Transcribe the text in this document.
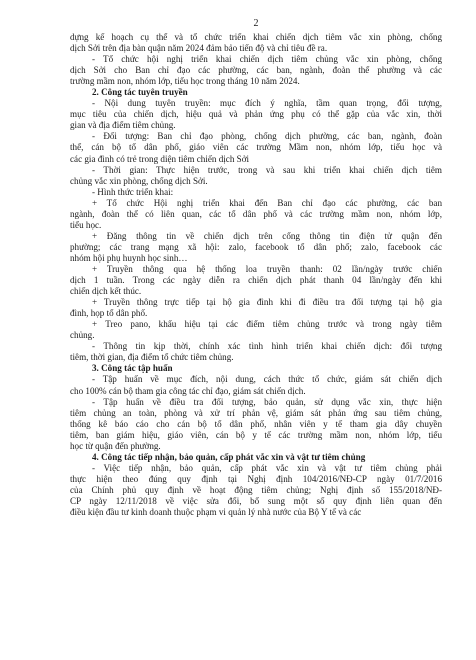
2
dựng kế hoạch cụ thể và tổ chức triển khai chiến dịch tiêm vắc xin phòng, chống
dịch Sởi trên địa bàn quận năm 2024 đảm bảo tiến độ và chỉ tiêu đề ra.
- Tổ chức hội nghị triển khai chiến dịch tiêm chủng vắc xin phòng, chống
dịch Sởi cho Ban chỉ đạo các phường, các ban, ngành, đoàn thể phường và các
trường mầm non, nhóm lớp, tiểu học trong tháng 10 năm 2024.
2. Công tác tuyên truyền
- Nội dung tuyên truyền: mục đích ý nghĩa, tầm quan trọng, đối tượng,
mục tiêu của chiến dịch, hiệu quả và phản ứng phụ có thể gặp của vắc xin, thời
gian và địa điểm tiêm chủng.
- Đối tượng: Ban chỉ đạo phòng, chống dịch phường, các ban, ngành, đoàn
thể, cán bộ tổ dân phố, giáo viên các trường Mầm non, nhóm lớp, tiểu học và
các gia đình có trẻ trong diện tiêm chiến dịch Sởi
- Thời gian: Thực hiện trước, trong và sau khi triển khai chiến dịch tiêm
chủng vắc xin phòng, chống dịch Sởi.
- Hình thức triển khai:
+ Tổ chức Hội nghị triển khai đến Ban chỉ đạo các phường, các ban
ngành, đoàn thể có liên quan, các tổ dân phố và các trường mầm non, nhóm lớp,
tiểu học.
+ Đăng thông tin về chiến dịch trên cổng thông tin điện tử quận đến
phường; các trang mạng xã hội: zalo, facebook tổ dân phố; zalo, facebook các
nhóm hội phụ huynh học sinh…
+ Truyền thông qua hệ thống loa truyền thanh: 02 lần/ngày trước chiến
dịch 1 tuần. Trong các ngày diễn ra chiến dịch phát thanh 04 lần/ngày đến khi
chiến dịch kết thúc.
+ Truyền thông trực tiếp tại hộ gia đình khi đi điều tra đối tượng tại hộ gia
đình, họp tổ dân phố.
+ Treo pano, khẩu hiệu tại các điểm tiêm chủng trước và trong ngày tiêm
chủng.
- Thông tin kịp thời, chính xác tình hình triển khai chiến dịch: đối tượng
tiêm, thời gian, địa điểm tổ chức tiêm chủng.
3. Công tác tập huấn
- Tập huấn về mục đích, nội dung, cách thức tổ chức, giám sát chiến dịch
cho 100% cán bộ tham gia công tác chỉ đạo, giám sát chiến dịch.
- Tập huấn về điều tra đối tượng, bảo quản, sử dụng vắc xin, thực hiện
tiêm chủng an toàn, phòng và xử trí phản vệ, giám sát phản ứng sau tiêm chủng,
thống kê báo cáo cho cán bộ tổ dân phố, nhân viên y tế tham gia dây chuyền
tiêm, ban giám hiệu, giáo viên, cán bộ y tế các trường mầm non, nhóm lớp, tiểu
học từ quận đến phường.
4. Công tác tiếp nhận, bảo quản, cấp phát vắc xin và vật tư tiêm chủng
- Việc tiếp nhận, bảo quản, cấp phát vắc xin và vật tư tiêm chủng phải
thực hiện theo đúng quy định tại Nghị định 104/2016/NĐ-CP ngày 01/7/2016
của Chính phủ quy định về hoạt động tiêm chủng; Nghị định số 155/2018/NĐ-
CP ngày 12/11/2018 về việc sửa đổi, bổ sung một số quy định liên quan đến
điều kiện đầu tư kinh doanh thuộc phạm vi quản lý nhà nước của Bộ Y tế và các
